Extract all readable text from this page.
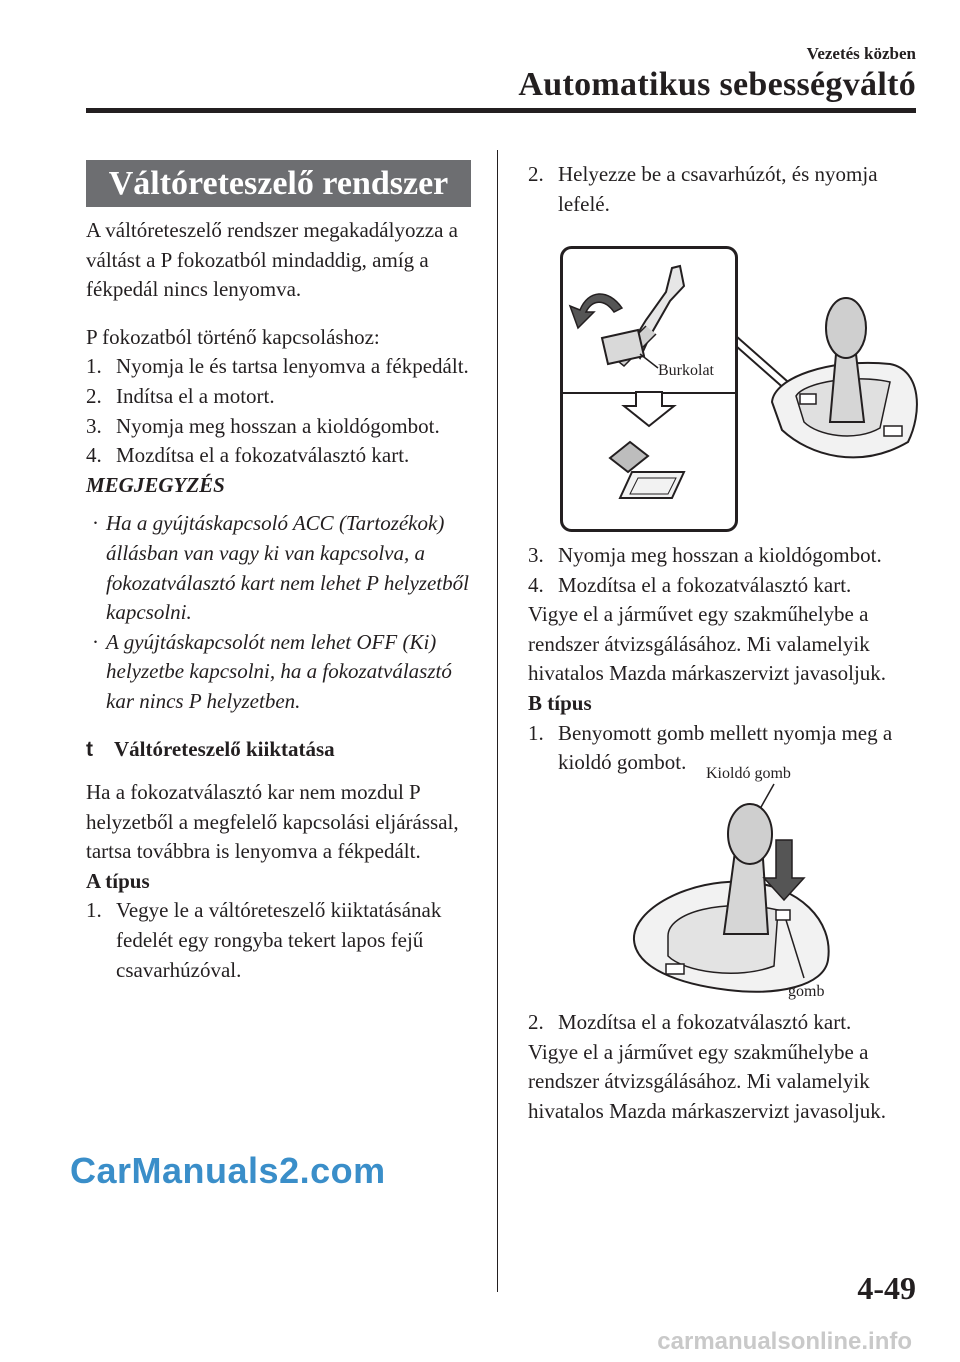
Vezetés közben
Automatikus sebességváltó
Váltóreteszelő rendszer

A váltóreteszelő rendszer megakadályozza a váltást a P fokozatból mindaddig, amíg a fékpedál nincs lenyomva.

P fokozatból történő kapcsoláshoz:

1. Nyomja le és tartsa lenyomva a fékpedált.
2. Indítsa el a motort.
3. Nyomja meg hosszan a kioldógombot.
4. Mozdítsa el a fokozatválasztó kart.

MEGJEGYZÉS

· Ha a gyújtáskapcsoló ACC (Tartozékok) állásban van vagy ki van kapcsolva, a fokozatválasztó kart nem lehet P helyzetből kapcsolni.

· A gyújtáskapcsolót nem lehet OFF (Ki) helyzetbe kapcsolni, ha a fokozatválasztó kar nincs P helyzetben.

t	Váltóreteszelő kiiktatása

Ha a fokozatválasztó kar nem mozdul P helyzetből a megfelelő kapcsolási eljárással, tartsa továbbra is lenyomva a fékpedált.

A típus

1. Vegye le a váltóreteszelő kiiktatásának fedelét egy rongyba tekert lapos fejű csavarhúzóval.
2. Helyezze be a csavarhúzót, és nyomja lefelé.
Burkolat
3. Nyomja meg hosszan a kioldógombot.
4. Mozdítsa el a fokozatválasztó kart.

Vigye el a járművet egy szakműhelybe a rendszer átvizsgálásához. Mi valamelyik hivatalos Mazda márkaszervizt javasoljuk.

B típus

1. Benyomott gomb mellett nyomja meg a kioldó gombot.	Kioldó gomb
gomb
2. Mozdítsa el a fokozatválasztó kart.

Vigye el a járművet egy szakműhelybe a rendszer átvizsgálásához. Mi valamelyik hivatalos Mazda márkaszervizt javasoljuk.

CarManuals2.com
4-49
carmanualsonline.info
